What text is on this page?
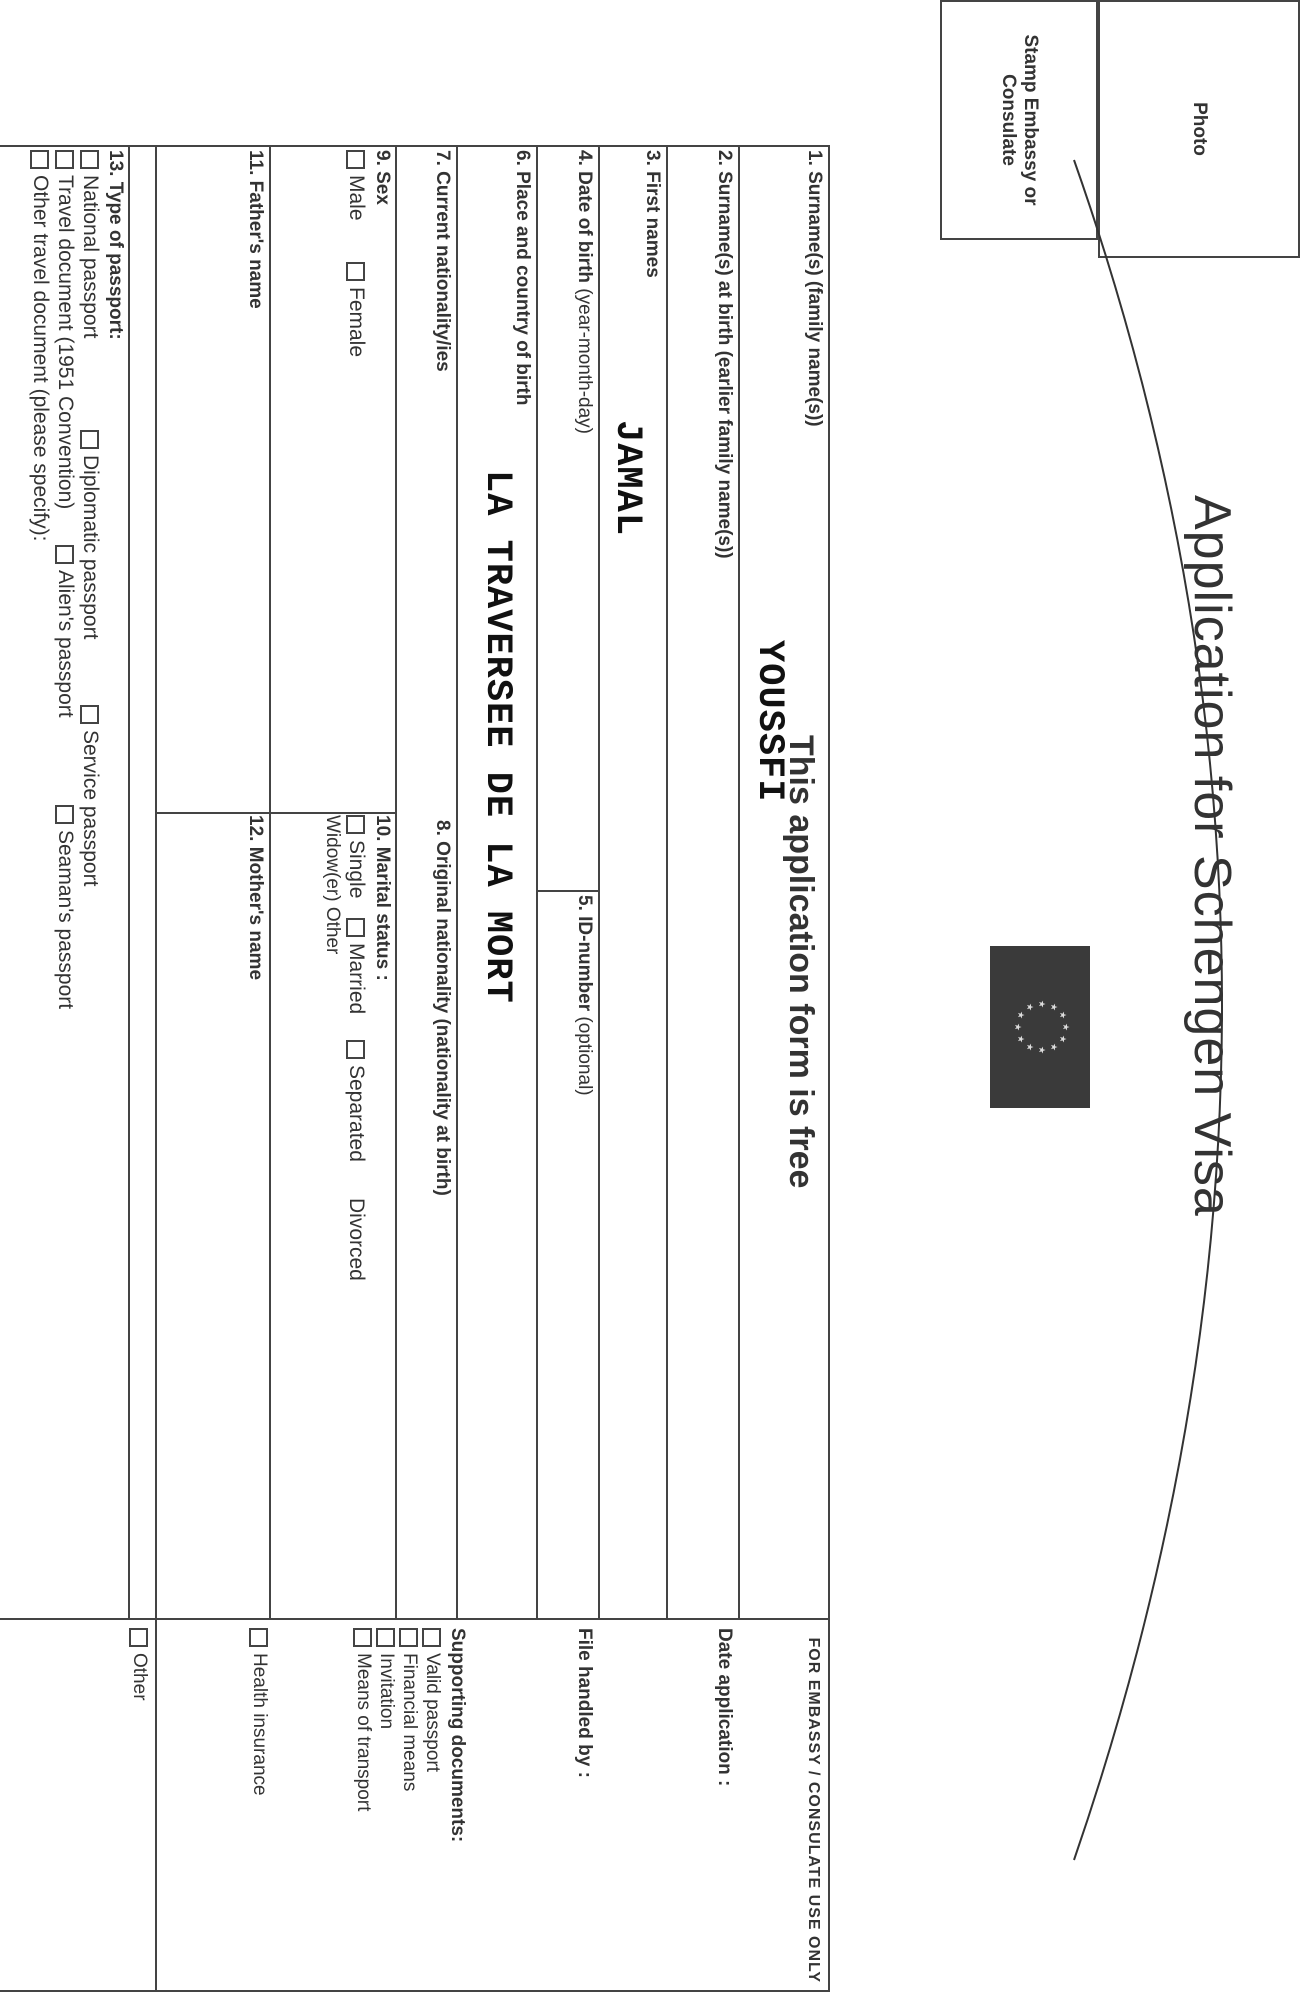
Application for Schengen Visa
This application form is free	★
★
★
★
★
★
★
★
★ ★ ★
★
Photo
Stamp Embassy or Consulate
1. Surname(s) (family name(s))
YOUSSFI
2. Surname(s) at birth (earlier family name(s))
3. First names
JAMAL
4. Date of birth (year-month-day)
5. ID-number (optional)
6. Place and country of birth
LA TRAVERSEE DE LA MORT
7. Current nationality/ies
8. Original nationality (nationality at birth)
9. Sex
Male
Female
10. Marital status :
Single
Married
Separated
Divorced
Widow(er) Other
11. Father's name
12. Mother's name
13. Type of passport:
National passport
Diplomatic passport
Service passport
Travel document (1951 Convention)
Alien's passport
Seaman's passport
Other travel document (please specify):
FOR EMBASSY / CONSULATE USE ONLY
Date application :
File handled by :
Supporting documents:
Valid passport
Financial means
Invitation
Means of transport
Health insurance
Other
